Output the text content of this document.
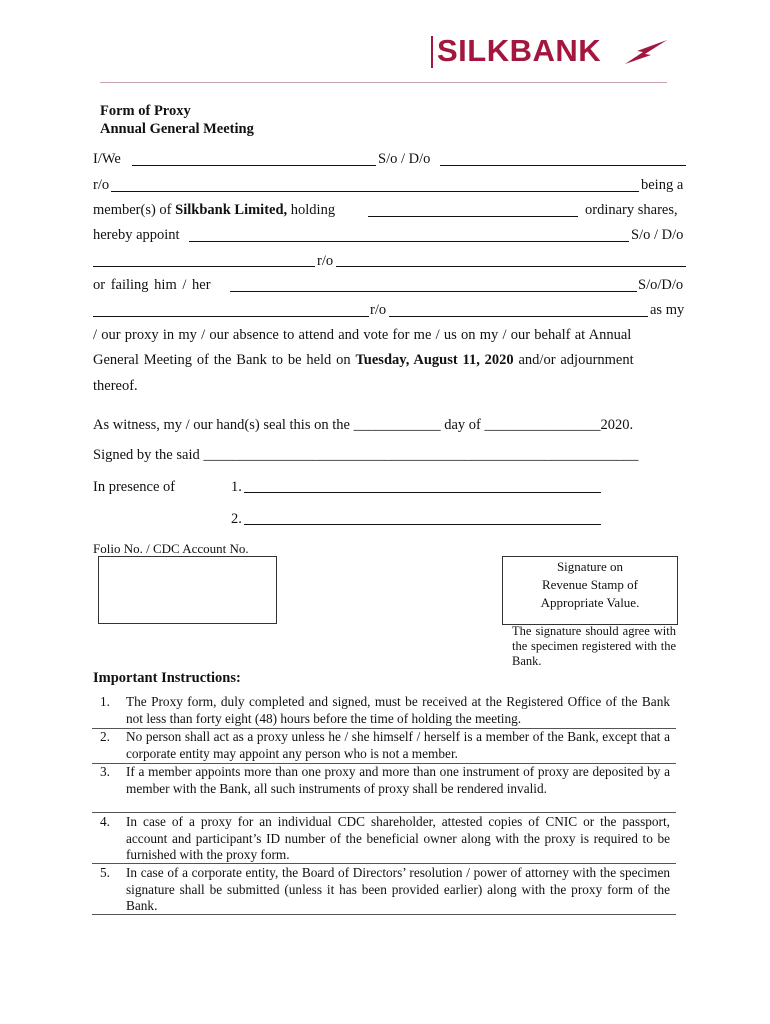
SILKBANK
Form of Proxy
Annual General Meeting
I/We	S/o / D/o
r/o	being a
member(s) of Silkbank Limited, holding	ordinary shares,
hereby appoint	S/o / D/o
r/o
or failing him / her	S/o/D/o
r/o	as my
/ our proxy in my / our absence to attend and vote for me / us on my / our behalf at Annual
General Meeting of the Bank to be held on Tuesday, August 11, 2020 and/or adjournment
thereof.
As witness, my / our hand(s) seal this on the ____________ day of ________________2020.
Signed by the said ____________________________________________________________
In presence of	1.
2.
Folio No. / CDC Account No.
Signature on
Revenue Stamp of
Appropriate Value.
The signature should agree with the specimen registered with the Bank.
Important Instructions:
1. The Proxy form, duly completed and signed, must be received at the Registered Office of the Bank not less than forty eight (48) hours before the time of holding the meeting.
2. No person shall act as a proxy unless he / she himself / herself is a member of the Bank, except that a corporate entity may appoint any person who is not a member.
3. If a member appoints more than one proxy and more than one instrument of proxy are deposited by a member with the Bank, all such instruments of proxy shall be rendered invalid.
4. In case of a proxy for an individual CDC shareholder, attested copies of CNIC or the passport, account and participant’s ID number of the beneficial owner along with the proxy is required to be furnished with the proxy form.
5. In case of a corporate entity, the Board of Directors’ resolution / power of attorney with the specimen signature shall be submitted (unless it has been provided earlier) along with the proxy form of the Bank.
